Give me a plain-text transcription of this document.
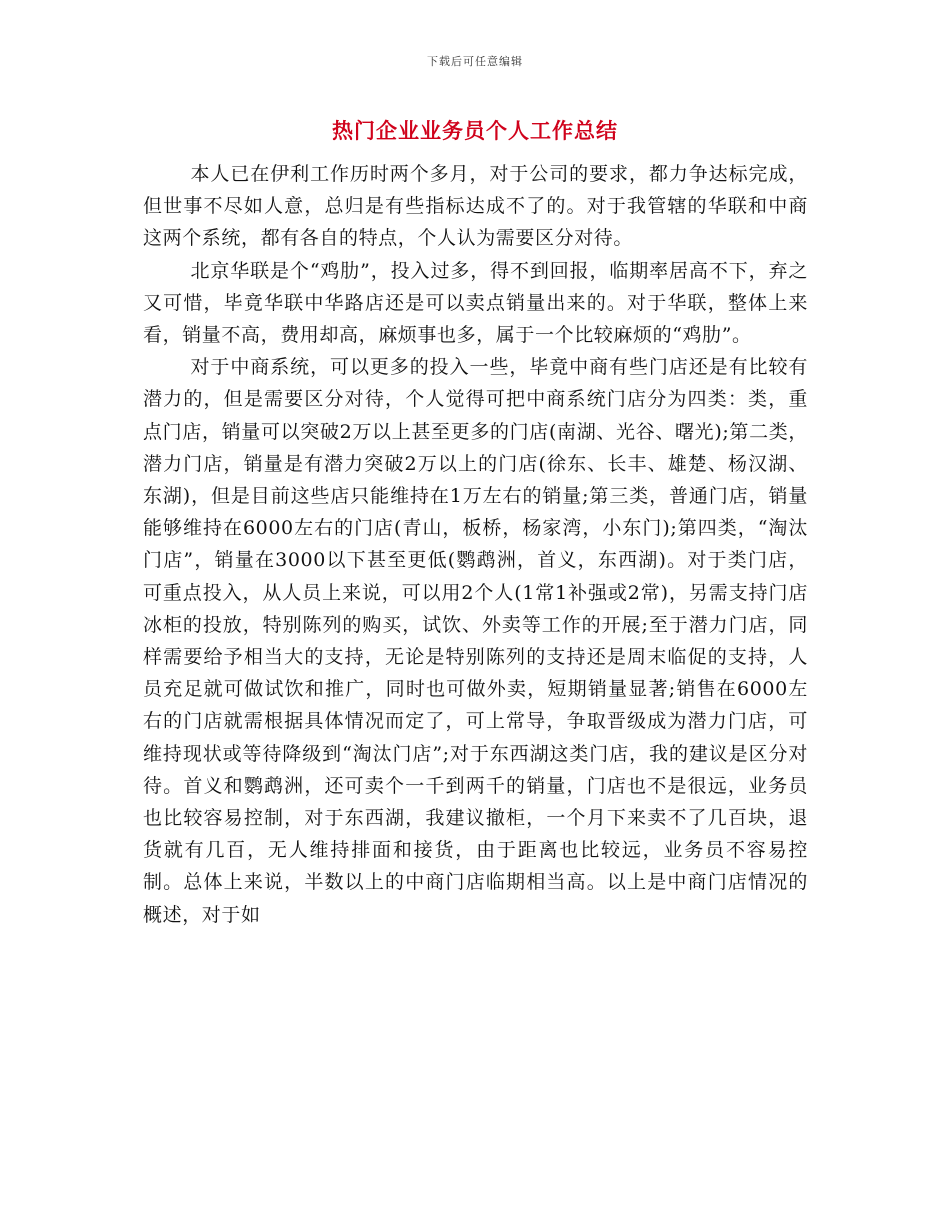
下载后可任意编辑
热门企业业务员个人工作总结

本人已在伊利工作历时两个多月，对于公司的要求，都力争达标完成，但世事不尽如人意，总归是有些指标达成不了的。对于我管辖的华联和中商这两个系统，都有各自的特点，个人认为需要区分对待。

北京华联是个“鸡肋”，投入过多，得不到回报，临期率居高不下，弃之又可惜，毕竟华联中华路店还是可以卖点销量出来的。对于华联，整体上来看，销量不高，费用却高，麻烦事也多，属于一个比较麻烦的“鸡肋”。

对于中商系统，可以更多的投入一些，毕竟中商有些门店还是有比较有潜力的，但是需要区分对待，个人觉得可把中商系统门店分为四类：类，重点门店，销量可以突破2万以上甚至更多的门店(南湖、光谷、曙光);第二类，潜力门店，销量是有潜力突破2万以上的门店(徐东、长丰、雄楚、杨汉湖、东湖)，但是目前这些店只能维持在1万左右的销量;第三类，普通门店，销量能够维持在6000左右的门店(青山，板桥，杨家湾，小东门);第四类，“淘汰门店”，销量在3000以下甚至更低(鹦鹉洲，首义，东西湖)。对于类门店，可重点投入，从人员上来说，可以用2个人(1常1补强或2常)，另需支持门店冰柜的投放，特别陈列的购买，试饮、外卖等工作的开展;至于潜力门店，同样需要给予相当大的支持，无论是特别陈列的支持还是周末临促的支持，人员充足就可做试饮和推广，同时也可做外卖，短期销量显著;销售在6000左右的门店就需根据具体情况而定了，可上常导，争取晋级成为潜力门店，可维持现状或等待降级到“淘汰门店”;对于东西湖这类门店，我的建议是区分对待。首义和鹦鹉洲，还可卖个一千到两千的销量，门店也不是很远，业务员也比较容易控制，对于东西湖，我建议撤柜，一个月下来卖不了几百块，退货就有几百，无人维持排面和接货，由于距离也比较远，业务员不容易控制。总体上来说，半数以上的中商门店临期相当高。以上是中商门店情况的概述，对于如
